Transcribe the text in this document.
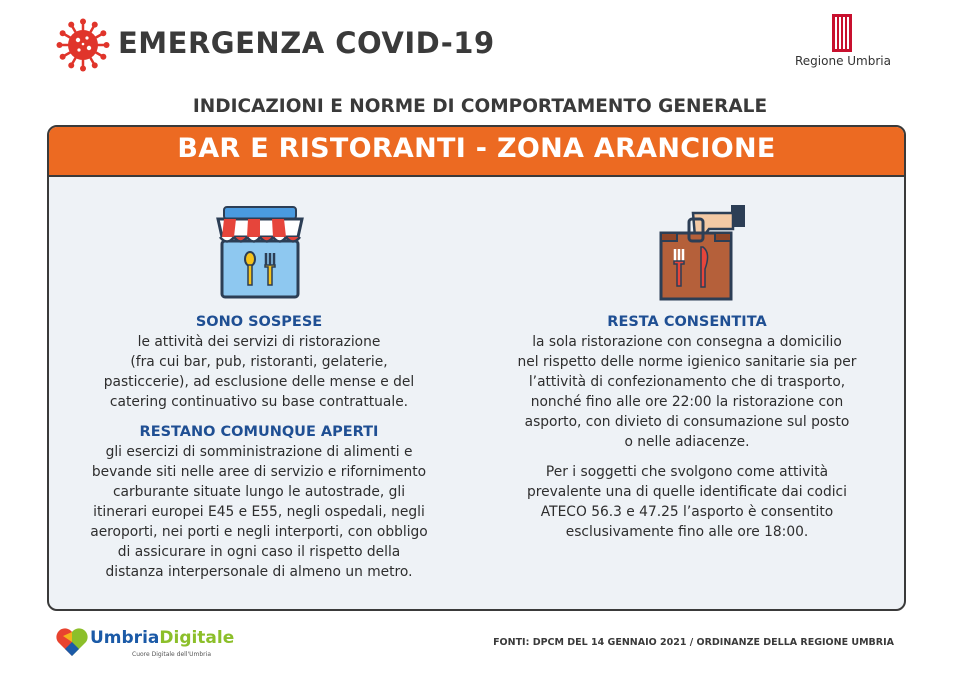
EMERGENZA COVID-19
Regione Umbria
INDICAZIONI E NORME DI COMPORTAMENTO GENERALE
BAR E RISTORANTI - ZONA ARANCIONE
SONO SOSPESE

le attività dei servizi di ristorazione
(fra cui bar, pub, ristoranti, gelaterie,
pasticcerie), ad esclusione delle mense e del
catering continuativo su base contrattuale.

RESTANO COMUNQUE APERTI

gli esercizi di somministrazione di alimenti e
bevande siti nelle aree di servizio e rifornimento
carburante situate lungo le autostrade, gli
itinerari europei E45 e E55, negli ospedali, negli
aeroporti, nei porti e negli interporti, con obbligo
di assicurare in ogni caso il rispetto della
distanza interpersonale di almeno un metro.

RESTA CONSENTITA

la sola ristorazione con consegna a domicilio
nel rispetto delle norme igienico sanitarie sia per
l’attività di confezionamento che di trasporto,
nonché fino alle ore 22:00 la ristorazione con
asporto, con divieto di consumazione sul posto
o nelle adiacenze.

Per i soggetti che svolgono come attività
prevalente una di quelle identificate dai codici
ATECO 56.3 e 47.25 l’asporto è consentito
esclusivamente fino alle ore 18:00.

UmbriaDigitale
Cuore Digitale dell'Umbria
FONTI: DPCM DEL 14 GENNAIO 2021 / ORDINANZE DELLA REGIONE UMBRIA
